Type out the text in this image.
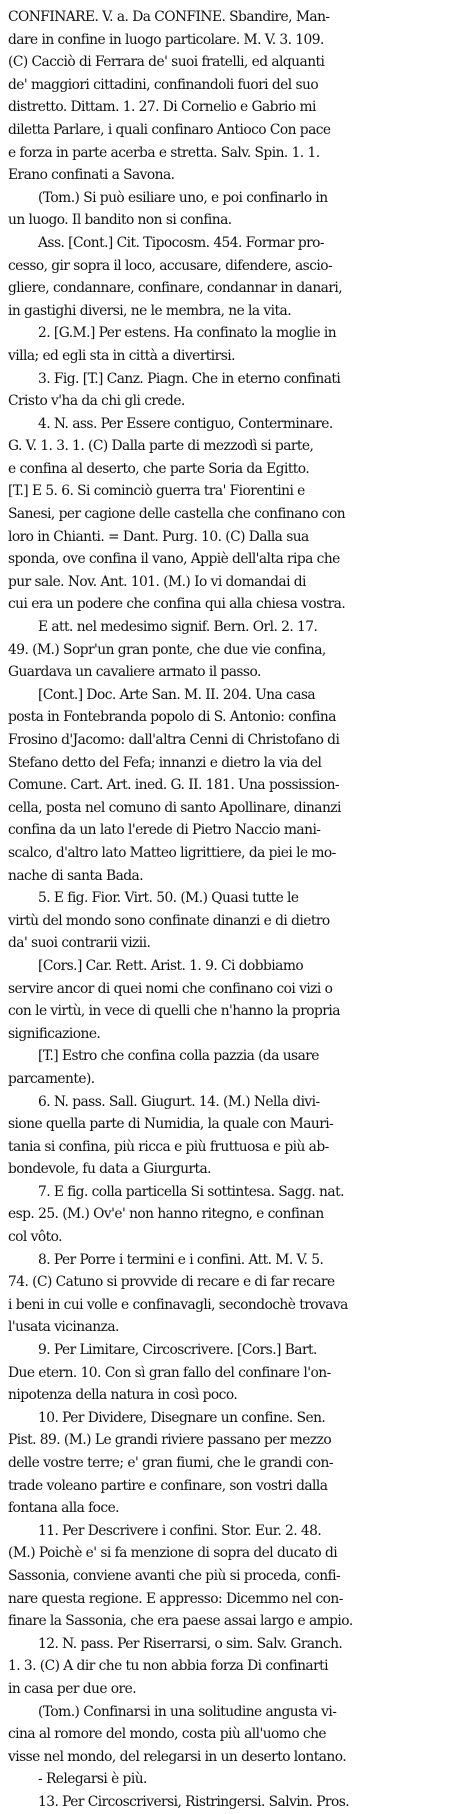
CONFINARE. V. a. Da CONFINE. Sbandire, Man-
dare in confine in luogo particolare. M. V. 3. 109.
(C) Cacciò di Ferrara de' suoi fratelli, ed alquanti
de' maggiori cittadini, confinandoli fuori del suo
distretto. Dittam. 1. 27. Di Cornelio e Gabrio mi
diletta Parlare, i quali confinaro Antioco Con pace
e forza in parte acerba e stretta. Salv. Spin. 1. 1.
Erano confinati a Savona.
(Tom.) Si può esiliare uno, e poi confinarlo in
un luogo. Il bandito non si confina.
Ass. [Cont.] Cit. Tipocosm. 454. Formar pro-
cesso, gir sopra il loco, accusare, difendere, ascio-
gliere, condannare, confinare, condannar in danari,
in gastighi diversi, ne le membra, ne la vita.
2. [G.M.] Per estens. Ha confinato la moglie in
villa; ed egli sta in città a divertirsi.
3. Fig. [T.] Canz. Piagn. Che in eterno confinati
Cristo v'ha da chi gli crede.
4. N. ass. Per Essere contiguo, Conterminare.
G. V. 1. 3. 1. (C) Dalla parte di mezzodì si parte,
e confina al deserto, che parte Soria da Egitto.
[T.] E 5. 6. Si cominciò guerra tra' Fiorentini e
Sanesi, per cagione delle castella che confinano con
loro in Chianti. = Dant. Purg. 10. (C) Dalla sua
sponda, ove confina il vano, Appiè dell'alta ripa che
pur sale. Nov. Ant. 101. (M.) Io vi domandai di
cui era un podere che confina qui alla chiesa vostra.
E att. nel medesimo signif. Bern. Orl. 2. 17.
49. (M.) Sopr'un gran ponte, che due vie confina,
Guardava un cavaliere armato il passo.
[Cont.] Doc. Arte San. M. II. 204. Una casa
posta in Fontebranda popolo di S. Antonio: confina
Frosino d'Jacomo: dall'altra Cenni di Christofano di
Stefano detto del Fefa; innanzi e dietro la via del
Comune. Cart. Art. ined. G. II. 181. Una possission-
cella, posta nel comuno di santo Apollinare, dinanzi
confina da un lato l'erede di Pietro Naccio mani-
scalco, d'altro lato Matteo ligrittiere, da piei le mo-
nache di santa Bada.
5. E fig. Fior. Virt. 50. (M.) Quasi tutte le
virtù del mondo sono confinate dinanzi e di dietro
da' suoi contrarii vizii.
[Cors.] Car. Rett. Arist. 1. 9. Ci dobbiamo
servire ancor di quei nomi che confinano coi vizi o
con le virtù, in vece di quelli che n'hanno la propria
significazione.
[T.] Estro che confina colla pazzia (da usare
parcamente).
6. N. pass. Sall. Giugurt. 14. (M.) Nella divi-
sione quella parte di Numidia, la quale con Mauri-
tania si confina, più ricca e più fruttuosa e più ab-
bondevole, fu data a Giurgurta.
7. E fig. colla particella Si sottintesa. Sagg. nat.
esp. 25. (M.) Ov'e' non hanno ritegno, e confinan
col vôto.
8. Per Porre i termini e i confini. Att. M. V. 5.
74. (C) Catuno si provvide di recare e di far recare
i beni in cui volle e confinavagli, secondochè trovava
l'usata vicinanza.
9. Per Limitare, Circoscrivere. [Cors.] Bart.
Due etern. 10. Con sì gran fallo del confinare l'on-
nipotenza della natura in così poco.
10. Per Dividere, Disegnare un confine. Sen.
Pist. 89. (M.) Le grandi riviere passano per mezzo
delle vostre terre; e' gran fiumi, che le grandi con-
trade voleano partire e confinare, son vostri dalla
fontana alla foce.
11. Per Descrivere i confini. Stor. Eur. 2. 48.
(M.) Poichè e' si fa menzione di sopra del ducato di
Sassonia, conviene avanti che più si proceda, confi-
nare questa regione. E appresso: Dicemmo nel con-
finare la Sassonia, che era paese assai largo e ampio.
12. N. pass. Per Riserrarsi, o sim. Salv. Granch.
1. 3. (C) A dir che tu non abbia forza Di confinarti
in casa per due ore.
(Tom.) Confinarsi in una solitudine angusta vi-
cina al romore del mondo, costa più all'uomo che
visse nel mondo, del relegarsi in un deserto lontano.
- Relegarsi è più.
13. Per Circoscriversi, Ristringersi. Salvin. Pros.
